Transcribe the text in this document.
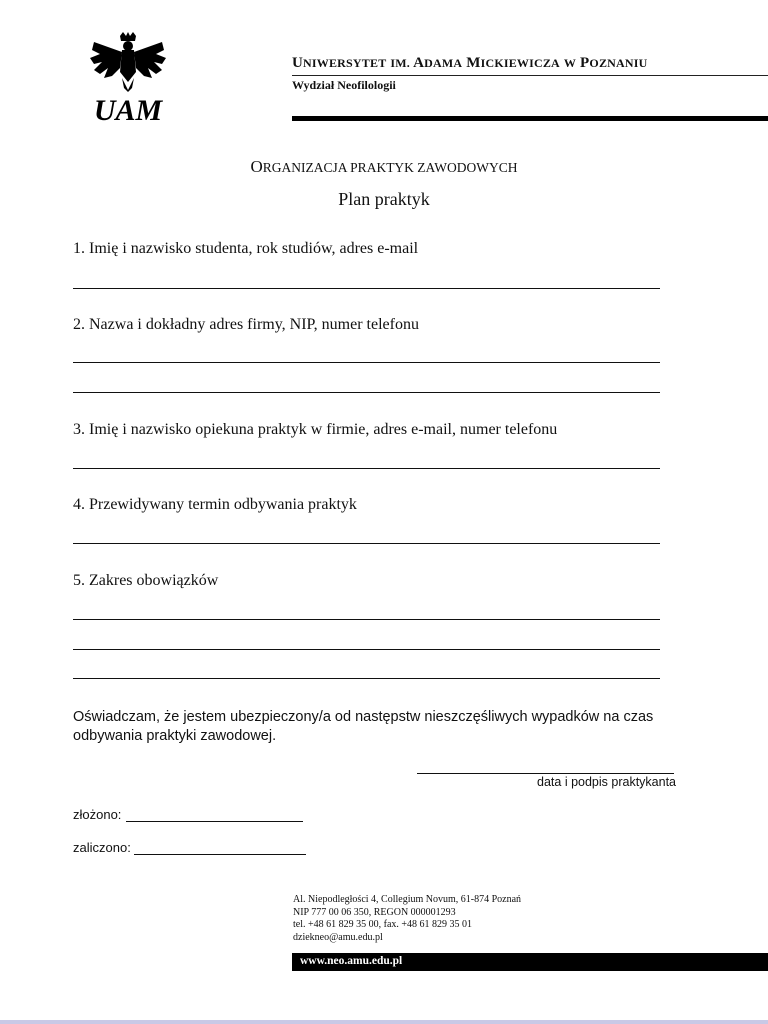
UAM
UNIWERSYTET IM. ADAMA MICKIEWICZA W POZNANIU
Wydział Neofilologii
ORGANIZACJA PRAKTYK ZAWODOWYCH
Plan praktyk
1. Imię i nazwisko studenta, rok studiów, adres e-mail
2. Nazwa i dokładny adres firmy, NIP, numer telefonu
3. Imię i nazwisko opiekuna praktyk w firmie, adres e-mail, numer telefonu
4. Przewidywany termin odbywania praktyk
5. Zakres obowiązków
Oświadczam, że jestem ubezpieczony/a od następstw nieszczęśliwych wypadków na czas odbywania praktyki zawodowej.
data i podpis praktykanta
złożono:
zaliczono:
Al. Niepodległości 4, Collegium Novum, 61-874 Poznań
NIP 777 00 06 350, REGON 000001293
tel. +48 61 829 35 00, fax. +48 61 829 35 01
dziekneo@amu.edu.pl
www.neo.amu.edu.pl
